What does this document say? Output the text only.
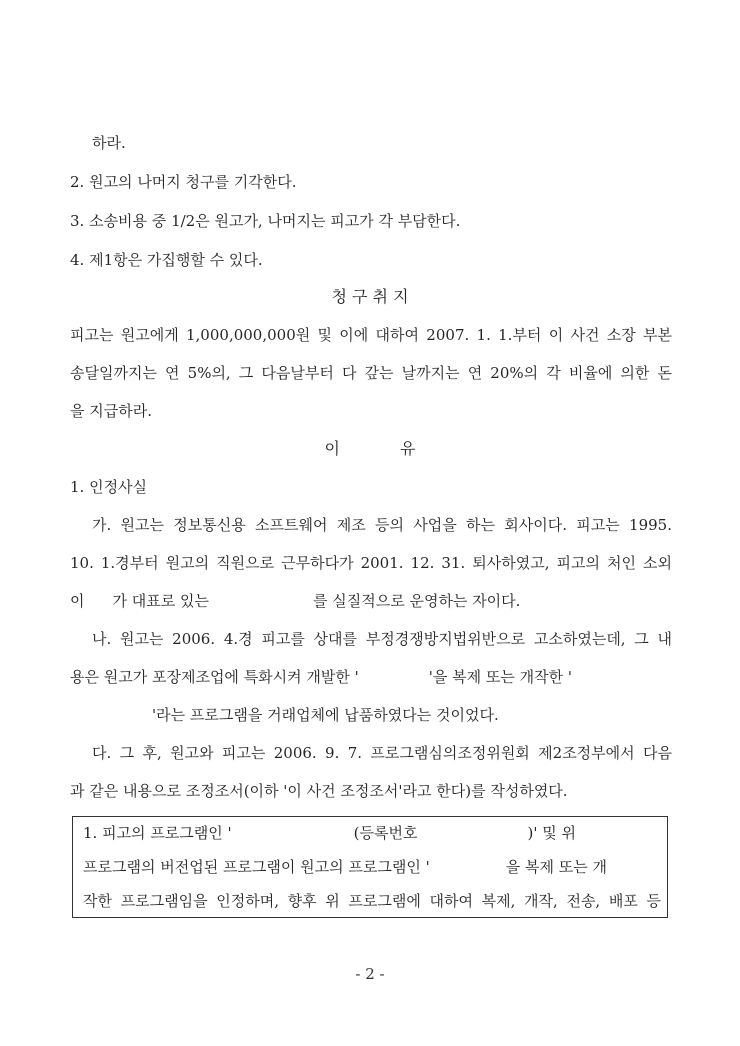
하라.
2. 원고의 나머지 청구를 기각한다.
3. 소송비용 중 1/2은 원고가, 나머지는 피고가 각 부담한다.
4. 제1항은 가집행할 수 있다.
청 구 취 지
피고는 원고에게 1,000,000,000원 및 이에 대하여 2007. 1. 1.부터 이 사건 소장 부본
송달일까지는 연 5%의, 그 다음날부터 다 갚는 날까지는 연 20%의 각 비율에 의한 돈
을 지급하라.
이	유
1. 인정사실
가. 원고는 정보통신용 소프트웨어 제조 등의 사업을 하는 회사이다. 피고는 1995.
10. 1.경부터 원고의 직원으로 근무하다가 2001. 12. 31. 퇴사하였고, 피고의 처인 소외
이 가 대표로 있는	를 실질적으로 운영하는 자이다.
나. 원고는 2006. 4.경 피고를 상대를 부정경쟁방지법위반으로 고소하였는데, 그 내
용은 원고가 포장제조업에 특화시켜 개발한 '	'을 복제 또는 개작한 '
'라는 프로그램을 거래업체에 납품하였다는 것이었다.
다. 그 후, 원고와 피고는 2006. 9. 7. 프로그램심의조정위원회 제2조정부에서 다음
과 같은 내용으로 조정조서(이하 '이 사건 조정조서'라고 한다)를 작성하였다.
1. 피고의 프로그램인 '	(등록번호	)' 및 위
프로그램의 버전업된 프로그램이 원고의 프로그램인 '	을 복제 또는 개
작한 프로그램임을 인정하며, 향후 위 프로그램에 대하여 복제, 개작, 전송, 배포 등
- 2 -
